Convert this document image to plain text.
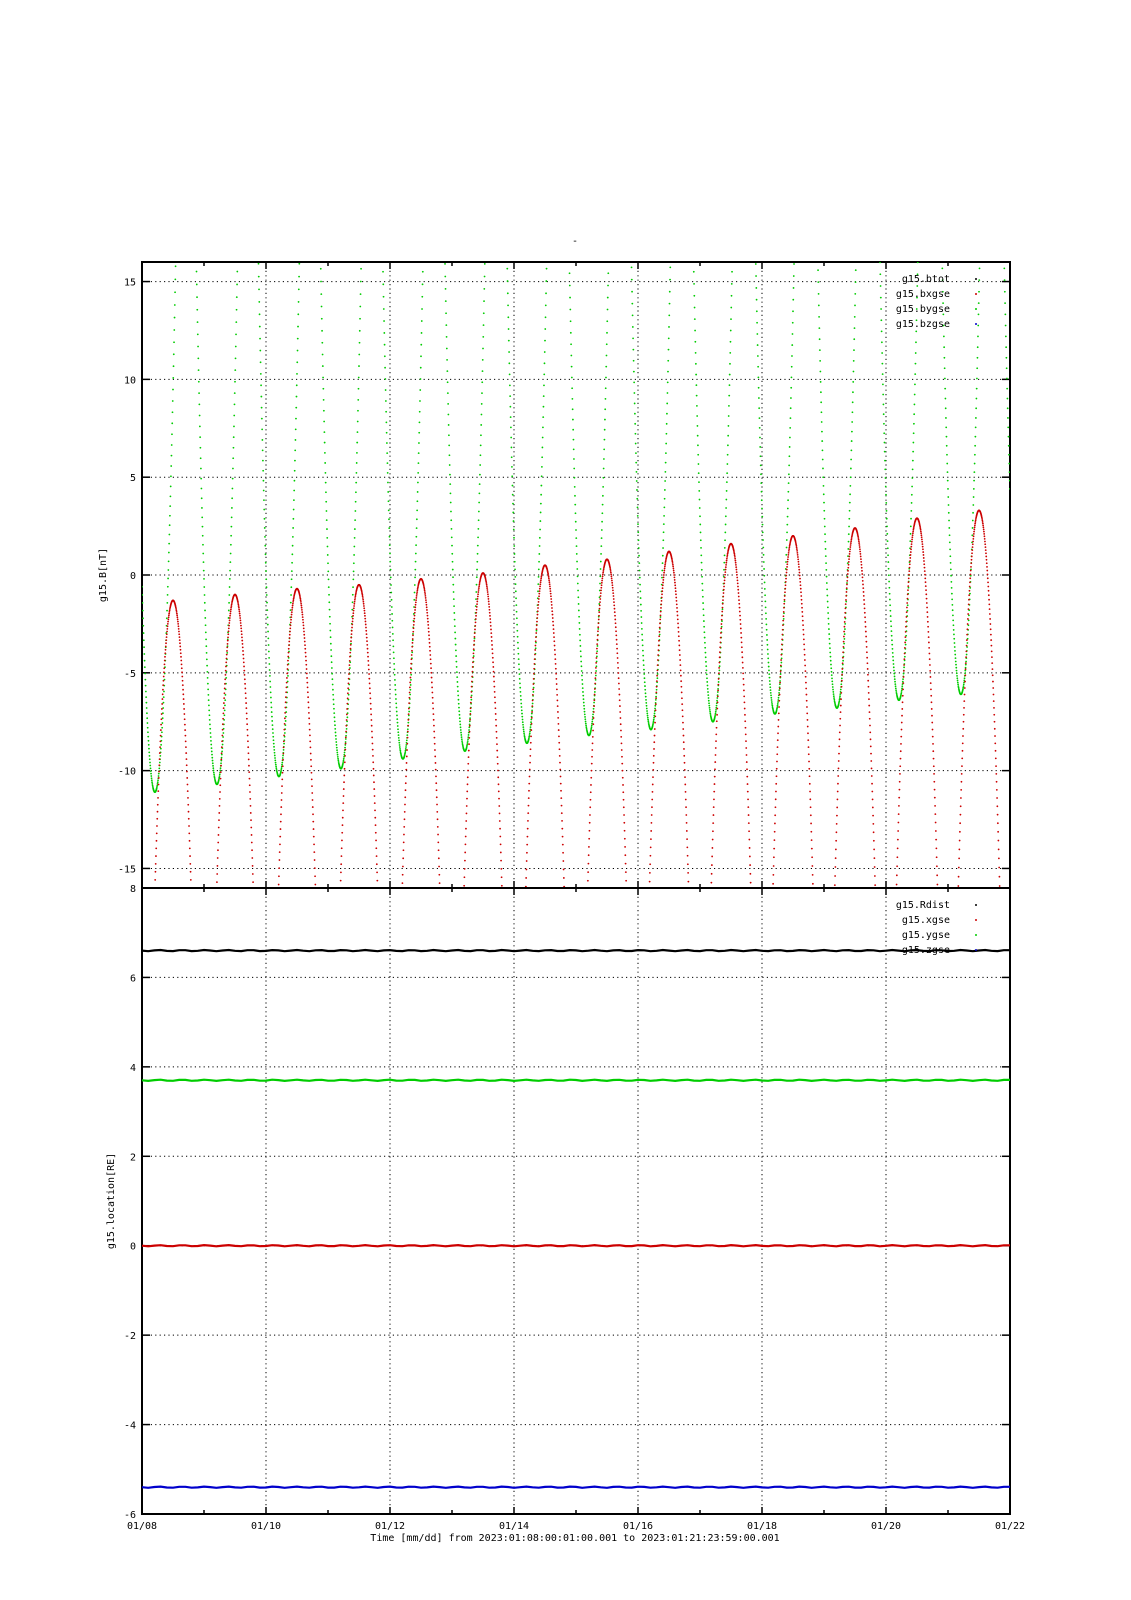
-
15
10
5
0
-5
-10
-15
g15.B[nT]
g15.btot
g15.bxgse
g15.bygse
g15.bzgse
01/08	01/10	01/12	01/14	01/16	01/18	01/20	01/22
8
6
4
2
0
-2
-4
-6
g15.location[RE]
g15.Rdist
g15.xgse
g15.ygse
g15.zgse
Time [mm/dd] from 2023:01:08:00:01:00.001 to 2023:01:21:23:59:00.001
